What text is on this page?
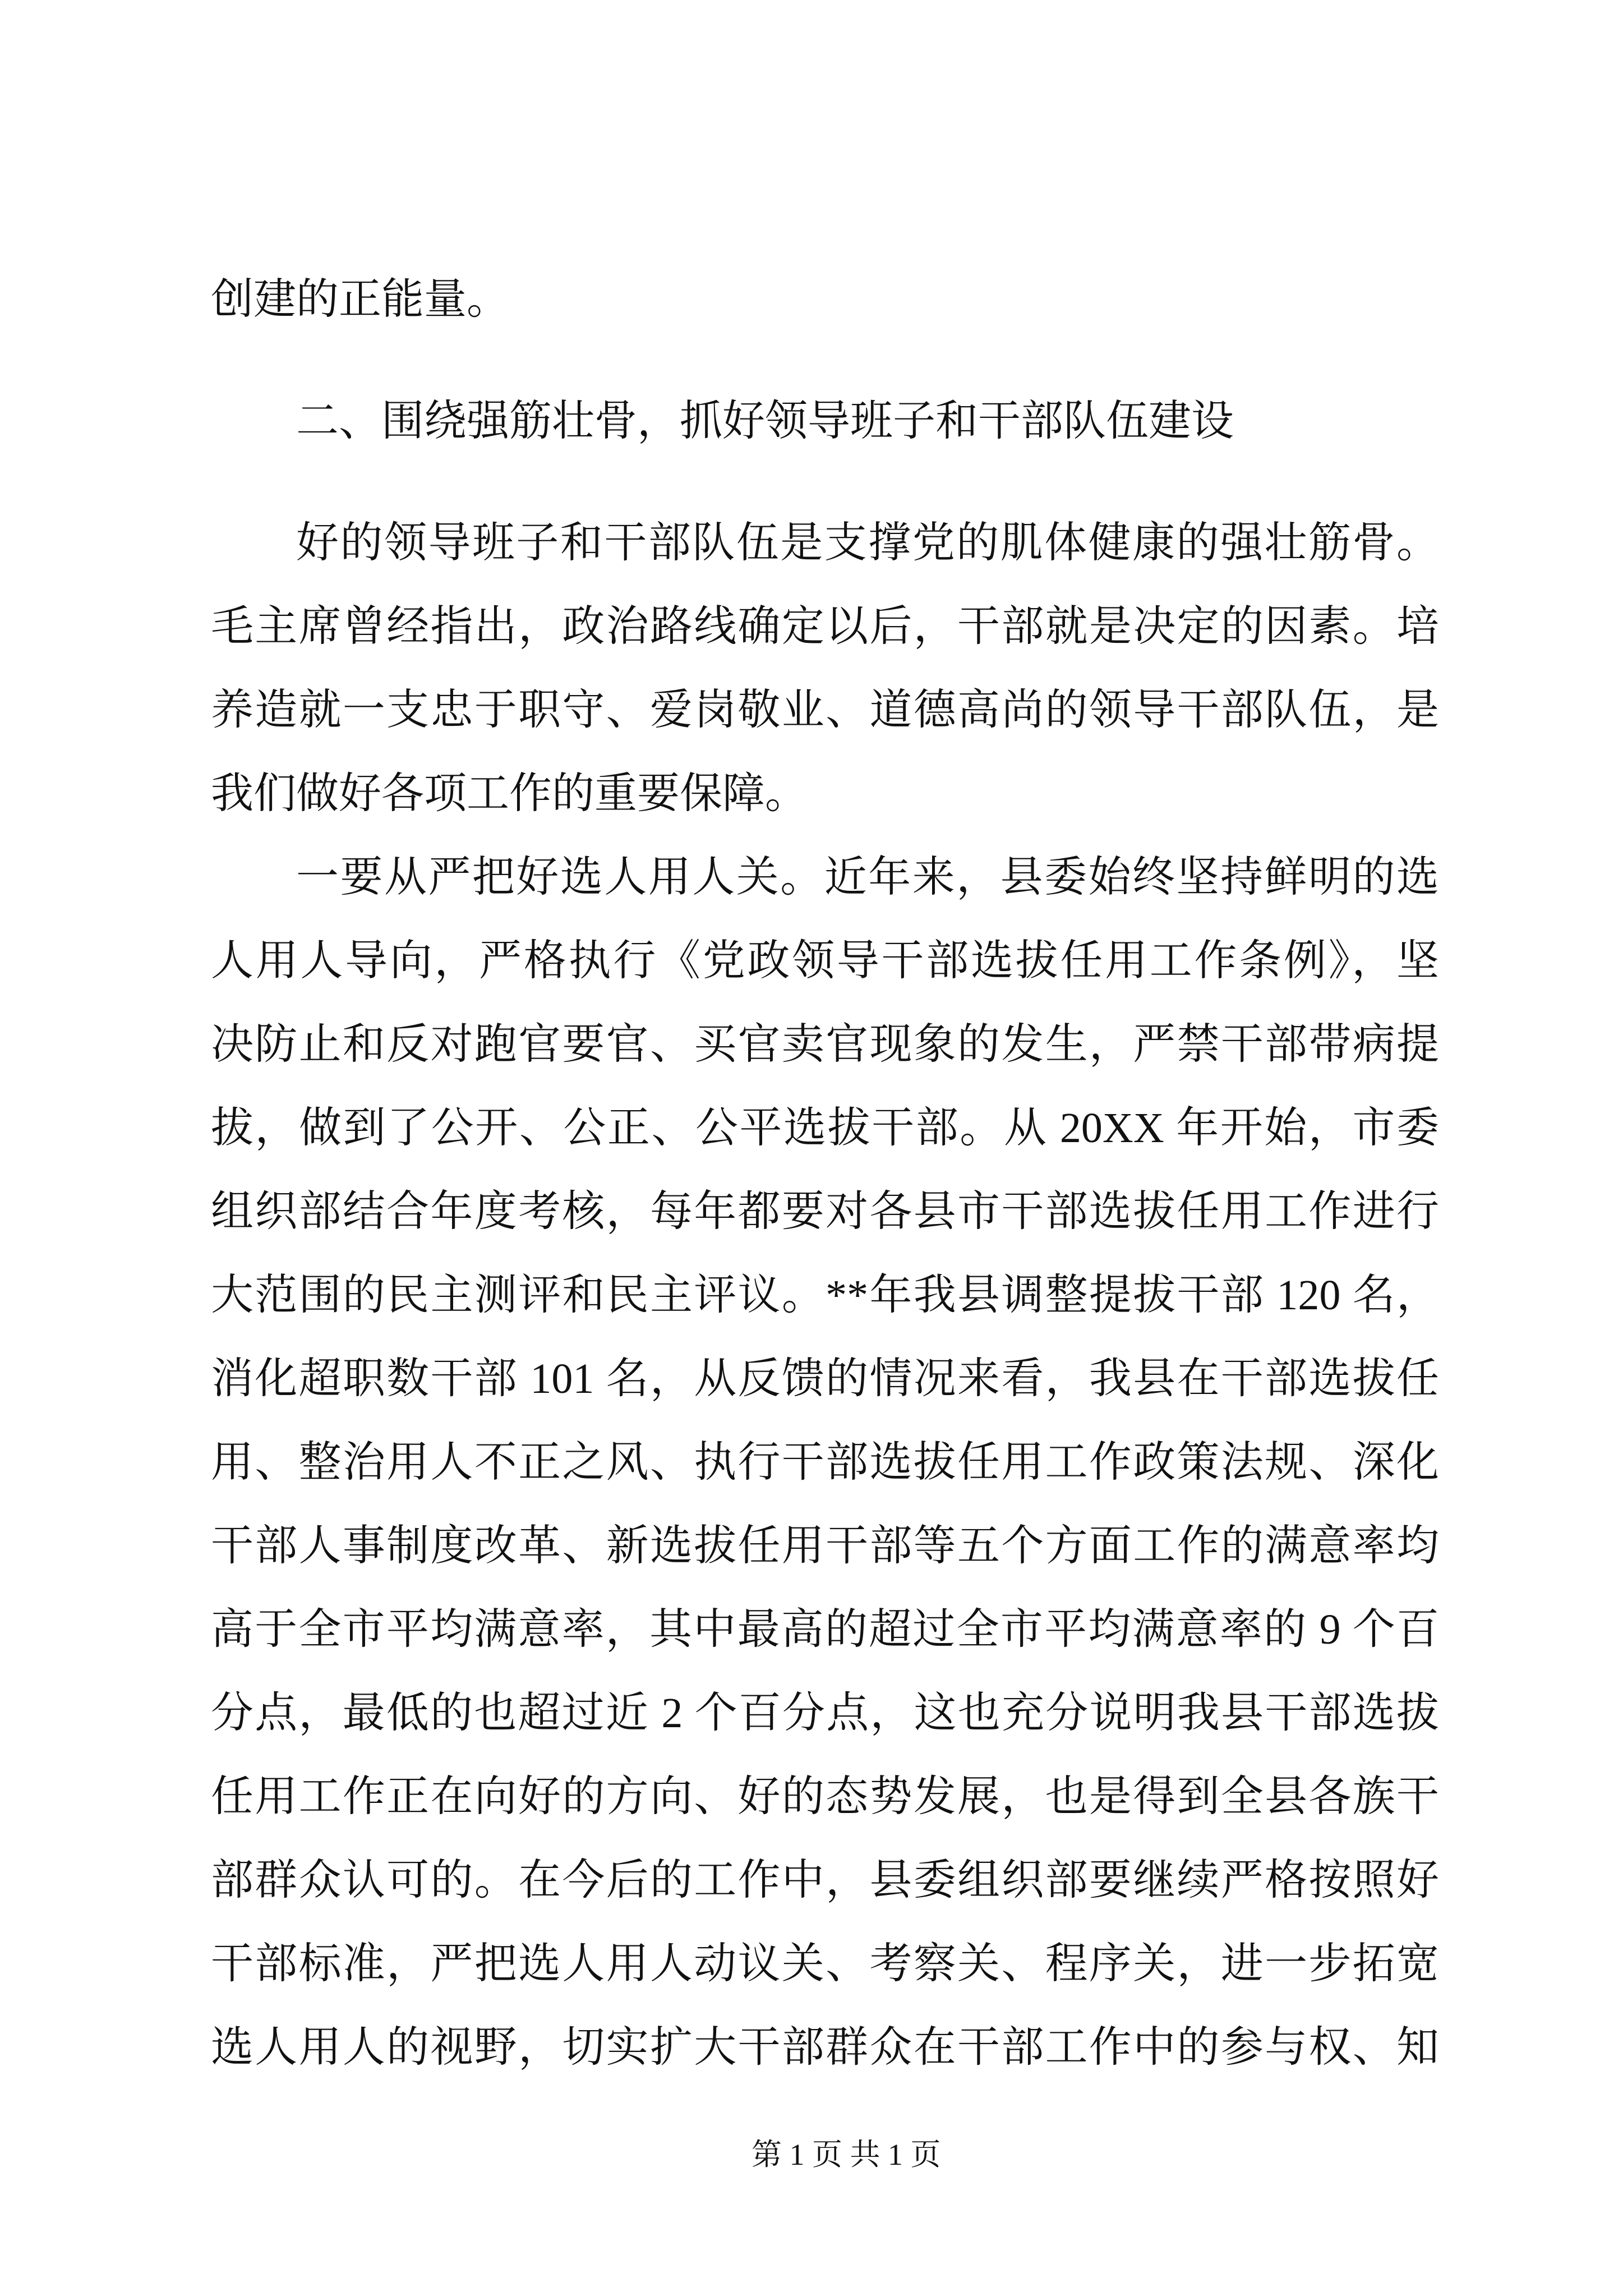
创建的正能量。
二、围绕强筋壮骨，抓好领导班子和干部队伍建设
好的领导班子和干部队伍是支撑党的肌体健康的强壮筋骨。
毛主席曾经指出，政治路线确定以后，干部就是决定的因素。培
养造就一支忠于职守、爱岗敬业、道德高尚的领导干部队伍，是
我们做好各项工作的重要保障。
一要从严把好选人用人关。近年来，县委始终坚持鲜明的选
人用人导向，严格执行《党政领导干部选拔任用工作条例》，坚
决防止和反对跑官要官、买官卖官现象的发生，严禁干部带病提
拔，做到了公开、公正、公平选拔干部。从 20XX 年开始，市委
组织部结合年度考核，每年都要对各县市干部选拔任用工作进行
大范围的民主测评和民主评议。**年我县调整提拔干部 120 名，
消化超职数干部 101 名，从反馈的情况来看，我县在干部选拔任
用、整治用人不正之风、执行干部选拔任用工作政策法规、深化
干部人事制度改革、新选拔任用干部等五个方面工作的满意率均
高于全市平均满意率，其中最高的超过全市平均满意率的 9 个百
分点，最低的也超过近 2 个百分点，这也充分说明我县干部选拔
任用工作正在向好的方向、好的态势发展，也是得到全县各族干
部群众认可的。在今后的工作中，县委组织部要继续严格按照好
干部标准，严把选人用人动议关、考察关、程序关，进一步拓宽
选人用人的视野，切实扩大干部群众在干部工作中的参与权、知
第 1 页 共 1 页
